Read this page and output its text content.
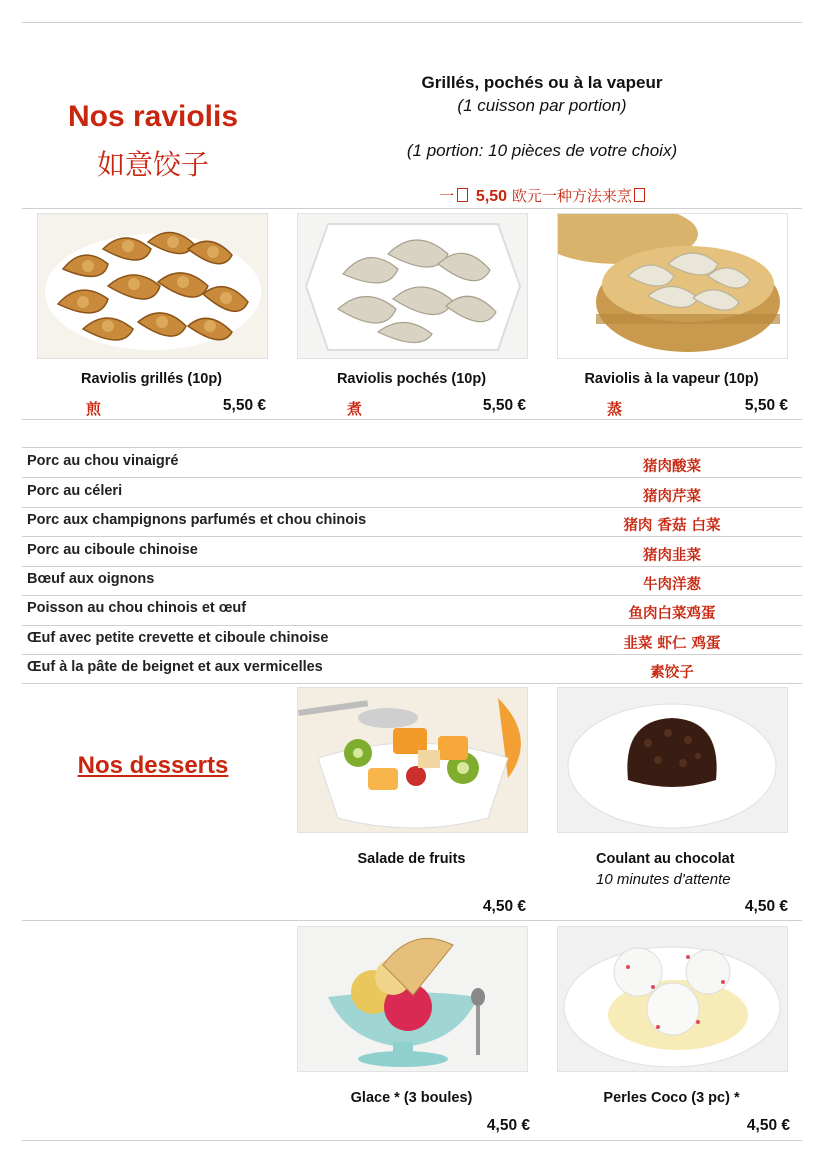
Nos raviolis
如意饺子
Grillés, pochés ou à la vapeur
(1 cuisson par portion)
(1 portion: 10 pièces de votre choix)
一 5,50 欧元一种方法来烹
Raviolis grillés (10p)	Raviolis pochés (10p)	Raviolis à la vapeur (10p)
煎	5,50 €	煮	5,50 €	蒸	5,50 €
Porc au chou vinaigré	猪肉酸菜
Porc au céleri	猪肉芹菜
Porc aux champignons parfumés et chou chinois	猪肉 香菇 白菜
Porc au ciboule chinoise	猪肉韭菜
Bœuf aux oignons	牛肉洋葱
Poisson au chou chinois et œuf	鱼肉白菜鸡蛋
Œuf avec petite crevette et ciboule chinoise	韭菜 虾仁 鸡蛋
Œuf à la pâte de beignet et aux vermicelles	素饺子
Nos desserts
Salade de fruits	Coulant au chocolat
10 minutes d'attente
4,50 €	4,50 €
Glace * (3 boules)	Perles Coco (3 pc) *
4,50 €	4,50 €
